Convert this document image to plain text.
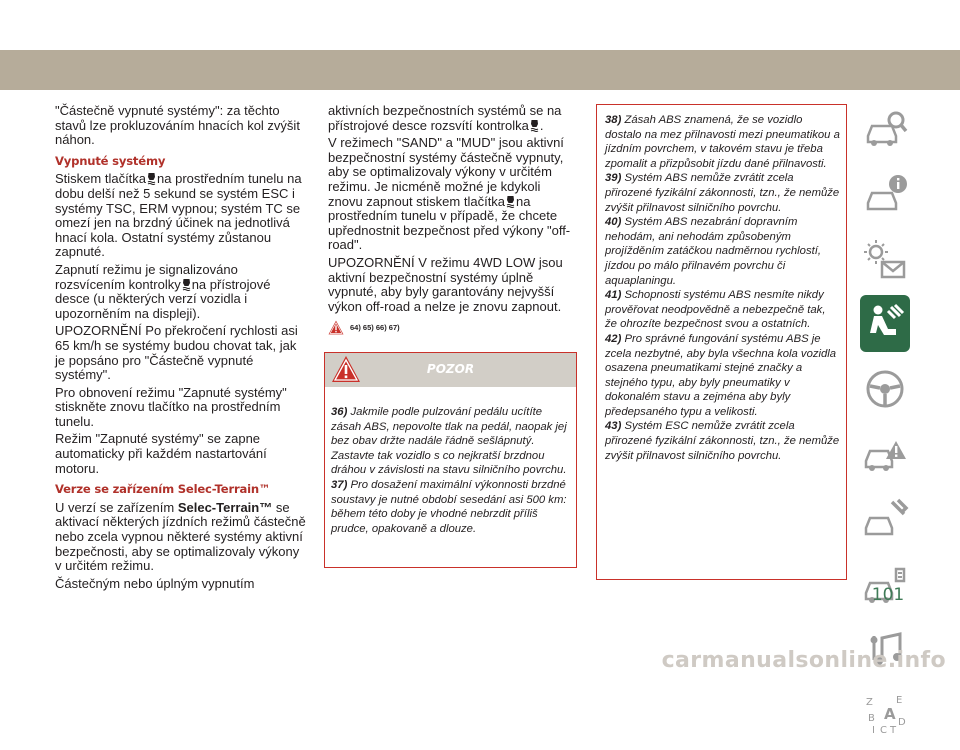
"Částečně vypnuté systémy": za těchto stavů lze prokluzováním hnacích kol zvýšit náhon.

Vypnuté systémy

Stiskem tlačítka na prostředním tunelu na dobu delší než 5 sekund se systém ESC i systémy TSC, ERM vypnou; systém TC se omezí jen na brzdný účinek na jednotlivá hnací kola. Ostatní systémy zůstanou zapnuté.

Zapnutí režimu je signalizováno rozsvícením kontrolky na přístrojové desce (u některých verzí vozidla i upozorněním na displeji).

UPOZORNĚNÍ Po překročení rychlosti asi 65 km/h se systémy budou chovat tak, jak je popsáno pro "Částečně vypnuté systémy".

Pro obnovení režimu "Zapnuté systémy" stiskněte znovu tlačítko na prostředním tunelu.

Režim "Zapnuté systémy" se zapne automaticky při každém nastartování motoru.

Verze se zařízením Selec-Terrain™

U verzí se zařízením Selec-Terrain™ se aktivací některých jízdních režimů částečně nebo zcela vypnou některé systémy aktivní bezpečnosti, aby se optimalizovaly výkony v určitém režimu.

Částečným nebo úplným vypnutím

aktivních bezpečnostních systémů se na přístrojové desce rozsvítí kontrolka .

V režimech "SAND" a "MUD" jsou aktivní bezpečnostní systémy částečně vypnuty, aby se optimalizovaly výkony v určitém režimu. Je nicméně možné je kdykoli znovu zapnout stiskem tlačítka na prostředním tunelu v případě, že chcete upřednostnit bezpečnost před výkony "off-road".

UPOZORNĚNÍ V režimu 4WD LOW jsou aktivní bezpečnostní systémy úplně vypnuté, aby byly garantovány nejvyšší výkon off-road a nelze je znovu zapnout.

64) 65) 66) 67)
POZOR

36) Jakmile podle pulzování pedálu ucítíte zásah ABS, nepovolte tlak na pedál, naopak jej bez obav držte nadále řádně sešlápnutý. Zastavte tak vozidlo s co nejkratší brzdnou dráhou v závislosti na stavu silničního povrchu.

37) Pro dosažení maximální výkonnosti brzdné soustavy je nutné období sesedání asi 500 km: během této doby je vhodné nebrzdit příliš prudce, opakovaně a dlouze.

38) Zásah ABS znamená, že se vozidlo dostalo na mez přilnavosti mezi pneumatikou a jízdním povrchem, v takovém stavu je třeba zpomalit a přizpůsobit jízdu dané přilnavosti.

39) Systém ABS nemůže zvrátit zcela přirozené fyzikální zákonnosti, tzn., že nemůže zvýšit přilnavost silničního povrchu.

40) Systém ABS nezabrání dopravním nehodám, ani nehodám způsobeným projížděním zatáčkou nadměrnou rychlostí, jízdou po málo přilnavém povrchu či aquaplaningu.

41) Schopnosti systému ABS nesmíte nikdy prověřovat neodpovědně a nebezpečně tak, že ohrozíte bezpečnost svou a ostatních.

42) Pro správné fungování systému ABS je zcela nezbytné, aby byla všechna kola vozidla osazena pneumatikami stejné značky a stejného typu, aby byly pneumatiky v dokonalém stavu a zejména aby byly předepsaného typu a velikosti.

43) Systém ESC nemůže zvrátit zcela přirozené fyzikální zákonnosti, tzn., že nemůže zvýšit přilnavost silničního povrchu.

Z E
B A
I C T
D
101
carmanualsonline.info
